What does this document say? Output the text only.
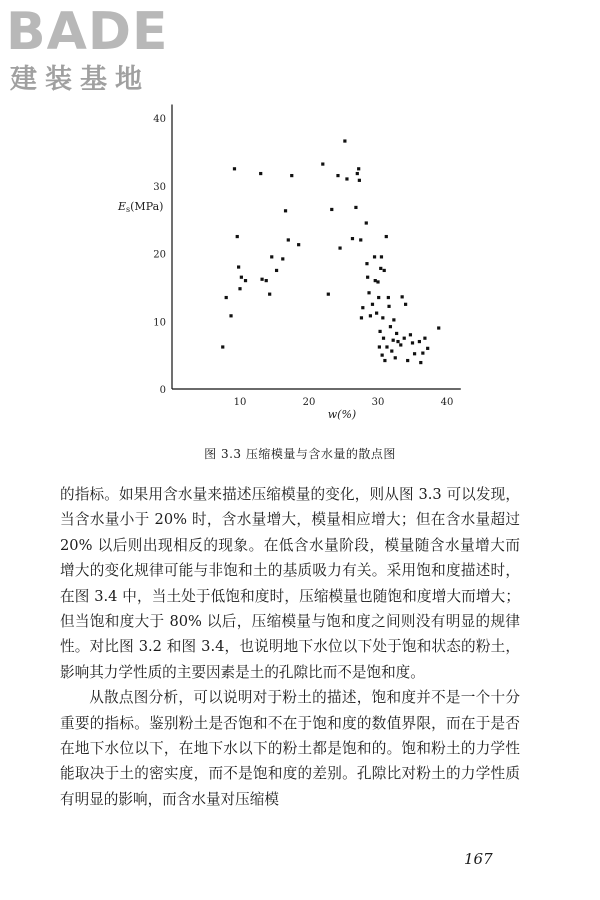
BADE
建装基地
0
10
20
30
40
10	20	30	40
Es(MPa)
w(%)
图 3.3 压缩模量与含水量的散点图

的指标。如果用含水量来描述压缩模量的变化，则从图 3.3 可以发现，当含水量小于 20% 时，含水量增大，模量相应增大；但在含水量超过 20% 以后则出现相反的现象。在低含水量阶段，模量随含水量增大而增大的变化规律可能与非饱和土的基质吸力有关。采用饱和度描述时，在图 3.4 中，当土处于低饱和度时，压缩模量也随饱和度增大而增大；但当饱和度大于 80% 以后，压缩模量与饱和度之间则没有明显的规律性。对比图 3.2 和图 3.4，也说明地下水位以下处于饱和状态的粉土，影响其力学性质的主要因素是土的孔隙比而不是饱和度。

从散点图分析，可以说明对于粉土的描述，饱和度并不是一个十分重要的指标。鉴别粉土是否饱和不在于饱和度的数值界限，而在于是否在地下水位以下，在地下水以下的粉土都是饱和的。饱和粉土的力学性能取决于土的密实度，而不是饱和度的差别。孔隙比对粉土的力学性质有明显的影响，而含水量对压缩模

167
